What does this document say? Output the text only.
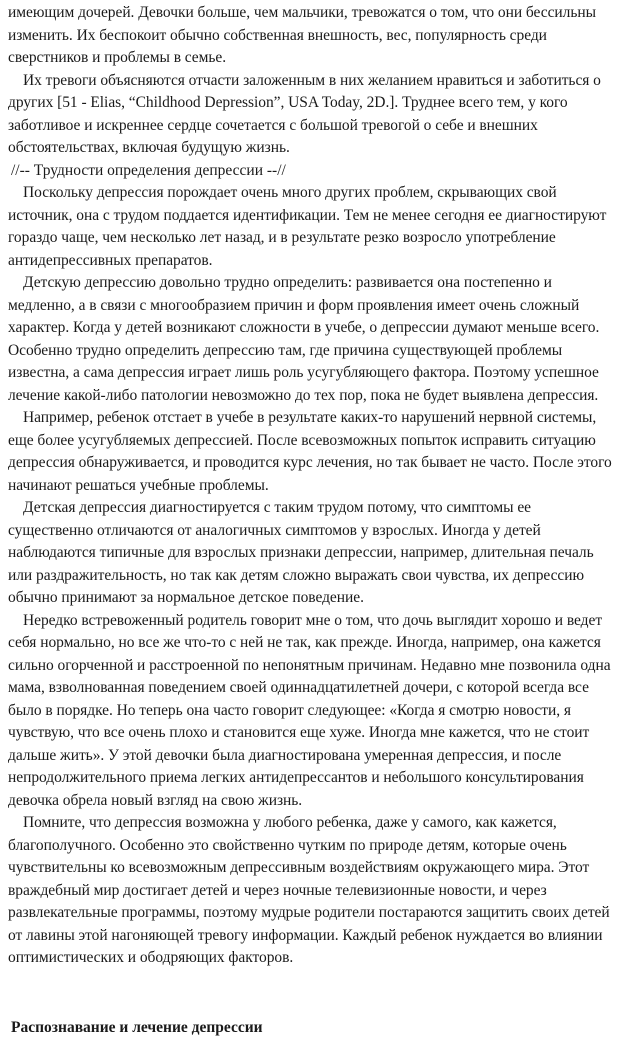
имеющим дочерей. Девочки больше, чем мальчики, тревожатся о том, что они бессильны изменить. Их беспокоит обычно собственная внешность, вес, популярность среди сверстников и проблемы в семье.

Их тревоги объясняются отчасти заложенным в них желанием нравиться и заботиться о других [51 - Elias, “Childhood Depression”, USA Today, 2D.]. Труднее всего тем, у кого заботливое и искреннее сердце сочетается с большой тревогой о себе и внешних обстоятельствах, включая будущую жизнь.

//-- Трудности определения депрессии --//

Поскольку депрессия порождает очень много других проблем, скрывающих свой источник, она с трудом поддается идентификации. Тем не менее сегодня ее диагностируют гораздо чаще, чем несколько лет назад, и в результате резко возросло употребление антидепрессивных препаратов.

Детскую депрессию довольно трудно определить: развивается она постепенно и медленно, а в связи с многообразием причин и форм проявления имеет очень сложный характер. Когда у детей возникают сложности в учебе, о депрессии думают меньше всего. Особенно трудно определить депрессию там, где причина существующей проблемы известна, а сама депрессия играет лишь роль усугубляющего фактора. Поэтому успешное лечение какой-либо патологии невозможно до тех пор, пока не будет выявлена депрессия.

Например, ребенок отстает в учебе в результате каких-то нарушений нервной системы, еще более усугубляемых депрессией. После всевозможных попыток исправить ситуацию депрессия обнаруживается, и проводится курс лечения, но так бывает не часто. После этого начинают решаться учебные проблемы.

Детская депрессия диагностируется с таким трудом потому, что симптомы ее существенно отличаются от аналогичных симптомов у взрослых. Иногда у детей наблюдаются типичные для взрослых признаки депрессии, например, длительная печаль или раздражительность, но так как детям сложно выражать свои чувства, их депрессию обычно принимают за нормальное детское поведение.

Нередко встревоженный родитель говорит мне о том, что дочь выглядит хорошо и ведет себя нормально, но все же что-то с ней не так, как прежде. Иногда, например, она кажется сильно огорченной и расстроенной по непонятным причинам. Недавно мне позвонила одна мама, взволнованная поведением своей одиннадцатилетней дочери, с которой всегда все было в порядке. Но теперь она часто говорит следующее: «Когда я смотрю новости, я чувствую, что все очень плохо и становится еще хуже. Иногда мне кажется, что не стоит дальше жить». У этой девочки была диагностирована умеренная депрессия, и после непродолжительного приема легких антидепрессантов и небольшого консультирования девочка обрела новый взгляд на свою жизнь.

Помните, что депрессия возможна у любого ребенка, даже у самого, как кажется, благополучного. Особенно это свойственно чутким по природе детям, которые очень чувствительны ко всевозможным депрессивным воздействиям окружающего мира. Этот враждебный мир достигает детей и через ночные телевизионные новости, и через развлекательные программы, поэтому мудрые родители постараются защитить своих детей от лавины этой нагоняющей тревогу информации. Каждый ребенок нуждается во влиянии оптимистических и ободряющих факторов.

Распознавание и лечение депрессии
